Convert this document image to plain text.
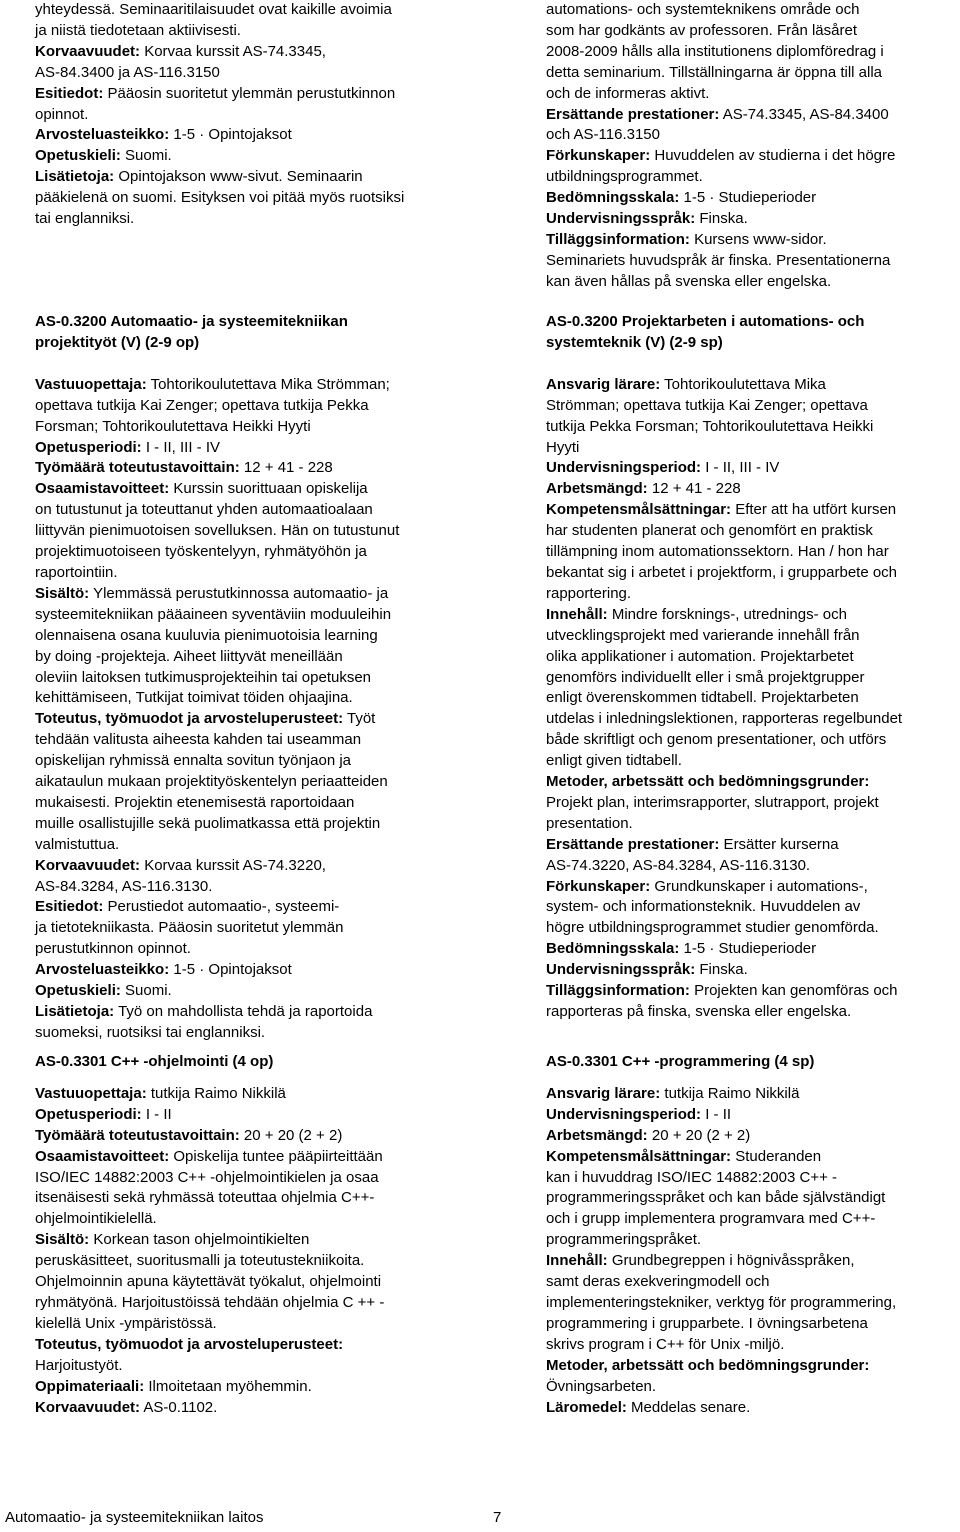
yhteydessä. Seminaaritilaisuudet ovat kaikille avoimia
ja niistä tiedotetaan aktiivisesti.
Korvaavuudet: Korvaa kurssit AS-74.3345,
AS-84.3400 ja AS-116.3150
Esitiedot: Pääosin suoritetut ylemmän perustutkinnon
opinnot.
Arvosteluasteikko: 1-5 · Opintojaksot
Opetuskieli: Suomi.
Lisätietoja: Opintojakson www-sivut. Seminaarin
pääkielenä on suomi. Esityksen voi pitää myös ruotsiksi
tai englanniksi.
AS-0.3200 Automaatio- ja systeemitekniikan
projektityöt (V) (2-9 op)
Vastuuopettaja: Tohtorikoulutettava Mika Strömman;
opettava tutkija Kai Zenger; opettava tutkija Pekka
Forsman; Tohtorikoulutettava Heikki Hyyti
Opetusperiodi: I - II, III - IV
Työmäärä toteutustavoittain: 12 + 41 - 228
Osaamistavoitteet: Kurssin suorittuaan opiskelija
on tutustunut ja toteuttanut yhden automaatioalaan
liittyvän pienimuotoisen sovelluksen. Hän on tutustunut
projektimuotoiseen työskentelyyn, ryhmätyöhön ja
raportointiin.
Sisältö: Ylemmässä perustutkinnossa automaatio- ja
systeemitekniikan pääaineen syventäviin moduuleihin
olennaisena osana kuuluvia pienimuotoisia learning
by doing -projekteja. Aiheet liittyvät meneillään
oleviin laitoksen tutkimusprojekteihin tai opetuksen
kehittämiseen, Tutkijat toimivat töiden ohjaajina.
Toteutus, työmuodot ja arvosteluperusteet: Työt
tehdään valitusta aiheesta kahden tai useamman
opiskelijan ryhmissä ennalta sovitun työnjaon ja
aikataulun mukaan projektityöskentelyn periaatteiden
mukaisesti. Projektin etenemisestä raportoidaan
muille osallistujille sekä puolimatkassa että projektin
valmistuttua.
Korvaavuudet: Korvaa kurssit AS-74.3220,
AS-84.3284, AS-116.3130.
Esitiedot: Perustiedot automaatio-, systeemi-
ja tietotekniikasta. Pääosin suoritetut ylemmän
perustutkinnon opinnot.
Arvosteluasteikko: 1-5 · Opintojaksot
Opetuskieli: Suomi.
Lisätietoja: Työ on mahdollista tehdä ja raportoida
suomeksi, ruotsiksi tai englanniksi.
AS-0.3301 C++ -ohjelmointi (4 op)
Vastuuopettaja: tutkija Raimo Nikkilä
Opetusperiodi: I - II
Työmäärä toteutustavoittain: 20 + 20 (2 + 2)
Osaamistavoitteet: Opiskelija tuntee pääpiirteittään
ISO/IEC 14882:2003 C++ -ohjelmointikielen ja osaa
itsenäisesti sekä ryhmässä toteuttaa ohjelmia C++-
ohjelmointikielellä.
Sisältö: Korkean tason ohjelmointikielten
peruskäsitteet, suoritusmalli ja toteutustekniikoita.
Ohjelmoinnin apuna käytettävät työkalut, ohjelmointi
ryhmätyönä. Harjoitustöissä tehdään ohjelmia C ++ -
kielellä Unix -ympäristössä.
Toteutus, työmuodot ja arvosteluperusteet:
Harjoitustyöt.
Oppimateriaali: Ilmoitetaan myöhemmin.
Korvaavuudet: AS-0.1102.
automations- och systemteknikens område och
som har godkänts av professoren. Från läsåret
2008-2009 hålls alla institutionens diplomföredrag i
detta seminarium. Tillställningarna är öppna till alla
och de informeras aktivt.
Ersättande prestationer: AS-74.3345, AS-84.3400
och AS-116.3150
Förkunskaper: Huvuddelen av studierna i det högre
utbildningsprogrammet.
Bedömningsskala: 1-5 · Studieperioder
Undervisningsspråk: Finska.
Tilläggsinformation: Kursens www-sidor.
Seminariets huvudspråk är finska. Presentationerna
kan även hållas på svenska eller engelska.
AS-0.3200 Projektarbeten i automations- och
systemteknik (V) (2-9 sp)
Ansvarig lärare: Tohtorikoulutettava Mika
Strömman; opettava tutkija Kai Zenger; opettava
tutkija Pekka Forsman; Tohtorikoulutettava Heikki
Hyyti
Undervisningsperiod: I - II, III - IV
Arbetsmängd: 12 + 41 - 228
Kompetensmålsättningar: Efter att ha utfört kursen
har studenten planerat och genomfört en praktisk
tillämpning inom automationssektorn. Han / hon har
bekantat sig i arbetet i projektform, i grupparbete och
rapportering.
Innehåll: Mindre forsknings-, utrednings- och
utvecklingsprojekt med varierande innehåll från
olika applikationer i automation. Projektarbetet
genomförs individuellt eller i små projektgrupper
enligt överenskommen tidtabell. Projektarbeten
utdelas i inledningslektionen, rapporteras regelbundet
både skriftligt och genom presentationer, och utförs
enligt given tidtabell.
Metoder, arbetssätt och bedömningsgrunder:
Projekt plan, interimsrapporter, slutrapport, projekt
presentation.
Ersättande prestationer: Ersätter kurserna
AS-74.3220, AS-84.3284, AS-116.3130.
Förkunskaper: Grundkunskaper i automations-,
system- och informationsteknik. Huvuddelen av
högre utbildningsprogrammet studier genomförda.
Bedömningsskala: 1-5 · Studieperioder
Undervisningsspråk: Finska.
Tilläggsinformation: Projekten kan genomföras och
rapporteras på finska, svenska eller engelska.
AS-0.3301 C++ -programmering (4 sp)
Ansvarig lärare: tutkija Raimo Nikkilä
Undervisningsperiod: I - II
Arbetsmängd: 20 + 20 (2 + 2)
Kompetensmålsättningar: Studeranden
kan i huvuddrag ISO/IEC 14882:2003 C++ -
programmeringsspråket och kan både självständigt
och i grupp implementera programvara med C++-
programmeringspråket.
Innehåll: Grundbegreppen i högnivåsspråken,
samt deras exekveringmodell och
implementeringstekniker, verktyg för programmering,
programmering i grupparbete. I övningsarbetena
skrivs program i C++ för Unix -miljö.
Metoder, arbetssätt och bedömningsgrunder:
Övningsarbeten.
Läromedel: Meddelas senare.
Automaatio- ja systeemitekniikan laitos	7
